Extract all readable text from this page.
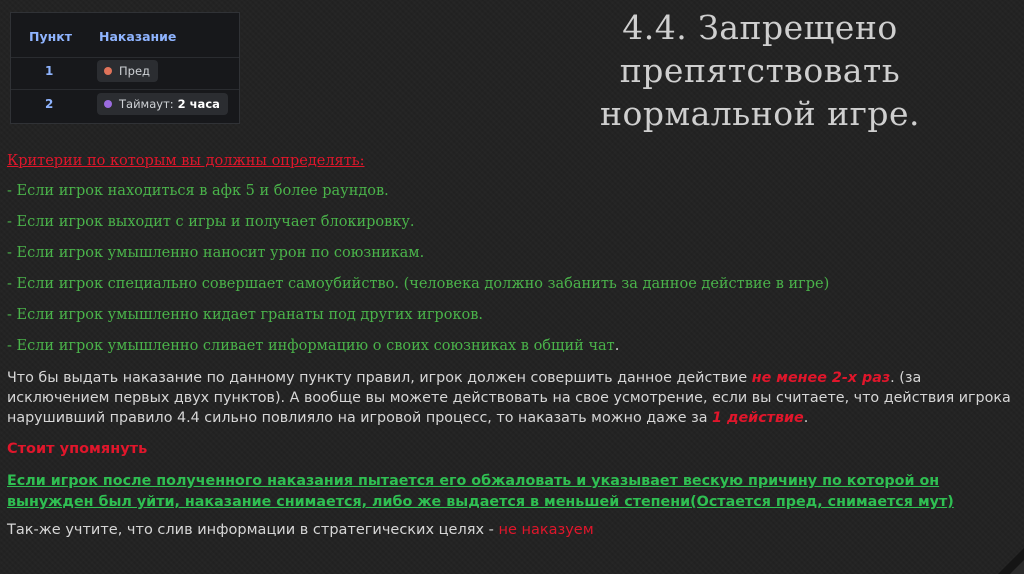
Пункт Наказание
1	Пред
2	Таймаут: 2 часа
4.4. Запрещено
препятствовать
нормальной игре.
Критерии по которым вы должны определять:
- Если игрок находиться в афк 5 и более раундов.
- Если игрок выходит с игры и получает блокировку.
- Если игрок умышленно наносит урон по союзникам.
- Если игрок специально совершает самоубийство. (человека должно забанить за данное действие в игре)
- Если игрок умышленно кидает гранаты под других игроков.
- Если игрок умышленно сливает информацию о своих союзниках в общий чат.
Что бы выдать наказание по данному пункту правил, игрок должен совершить данное действие не менее 2-х раз. (за исключением первых двух пунктов). А вообще вы можете действовать на свое усмотрение, если вы считаете, что действия игрока нарушивший правило 4.4 сильно повлияло на игровой процесс, то наказать можно даже за 1 действие.
Стоит упомянуть
Если игрок после полученного наказания пытается его обжаловать и указывает вескую причину по которой он вынужден был уйти, наказание снимается, либо же выдается в меньшей степени(Остается пред, снимается мут)
Так-же учтите, что слив информации в стратегических целях - не наказуем
